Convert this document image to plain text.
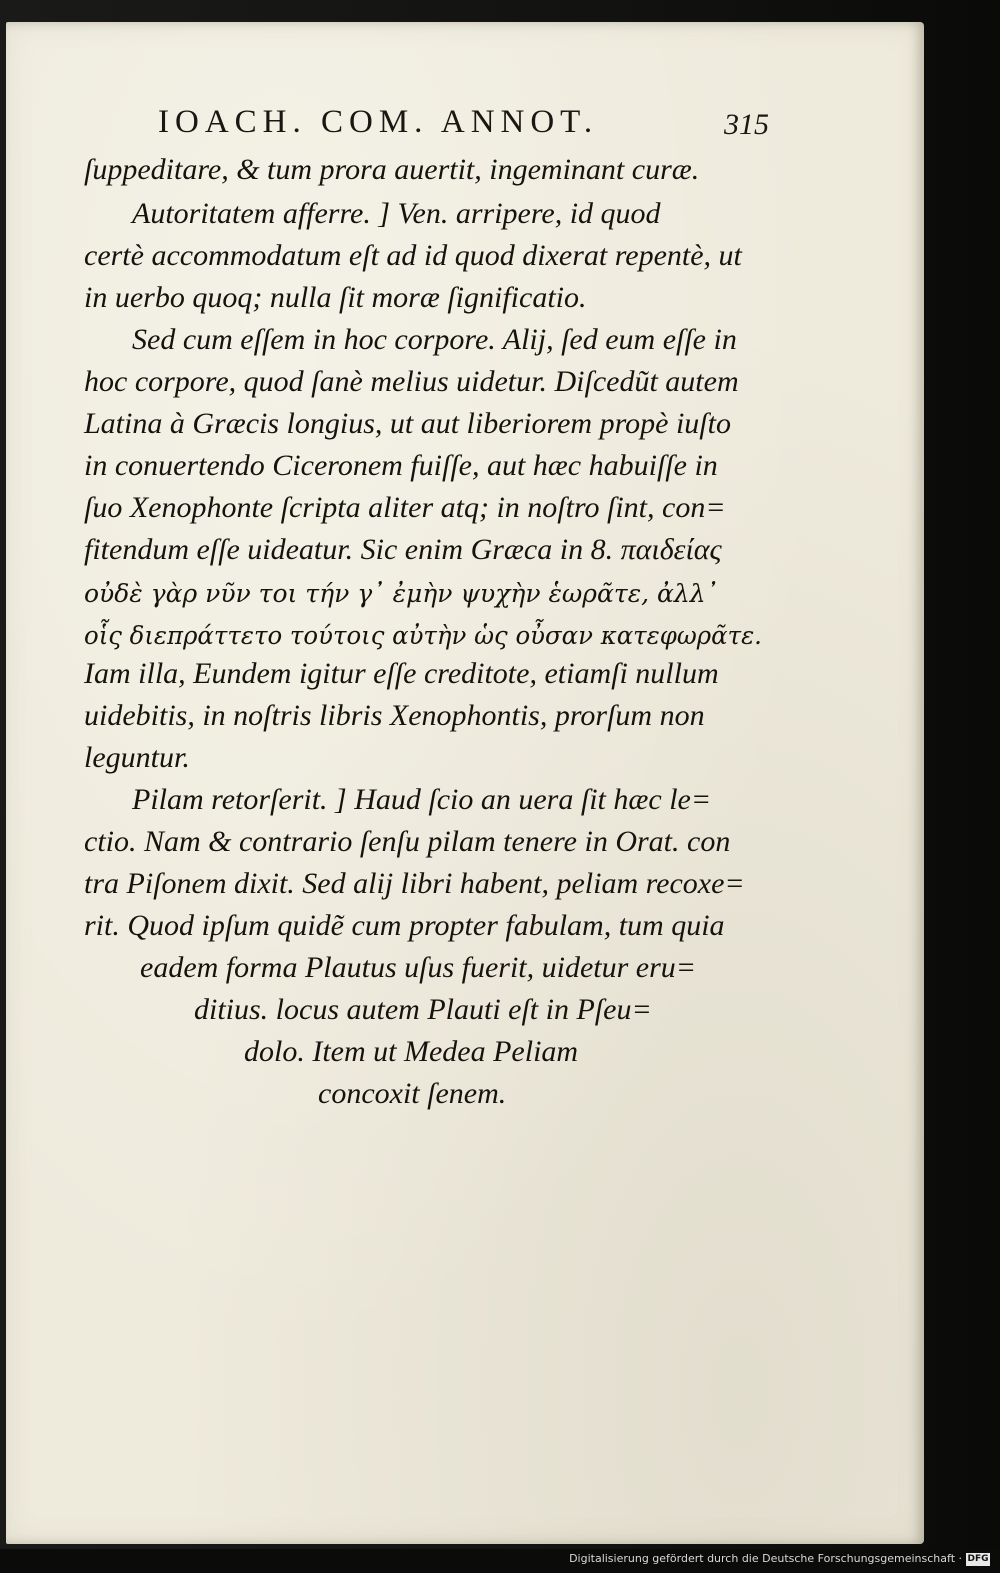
IOACH. COM. ANNOT.	315
ſuppeditare, & tum prora auertit, ingeminant curæ.
Autoritatem afferre. ] Ven. arripere, id quod
certè accommodatum eſt ad id quod dixerat repentè, ut
in uerbo quoq; nulla ſit moræ ſignificatio.
Sed cum eſſem in hoc corpore. Alij, ſed eum eſſe in
hoc corpore, quod ſanè melius uidetur. Diſcedũt autem
Latina à Græcis longius, ut aut liberiorem propè iuſto
in conuertendo Ciceronem fuiſſe, aut hæc habuiſſe in
ſuo Xenophonte ſcripta aliter atq; in noſtro ſint, con=
fitendum eſſe uideatur. Sic enim Græca in 8. παιδείας
οὐδὲ γὰρ νῦν τοι τήν γ᾽ ἐμὴν ψυχὴν ἑωρᾶτε, ἀλλ᾽
οἷς διεπράττετο τούτοις αὐτὴν ὡς οὖσαν κατεφωρᾶτε.
Iam illa, Eundem igitur eſſe creditote, etiamſi nullum
uidebitis, in noſtris libris Xenophontis, prorſum non
leguntur.
Pilam retorſerit. ] Haud ſcio an uera ſit hæc le=
ctio. Nam & contrario ſenſu pilam tenere in Orat. con
tra Piſonem dixit. Sed alij libri habent, peliam recoxe=
rit. Quod ipſum quidẽ cum propter fabulam, tum quia
eadem forma Plautus uſus fuerit, uidetur eru=
ditius. locus autem Plauti eſt in Pſeu=
dolo. Item ut Medea Peliam
concoxit ſenem.
Digitalisierung gefördert durch die Deutsche Forschungsgemeinschaft · DFG
